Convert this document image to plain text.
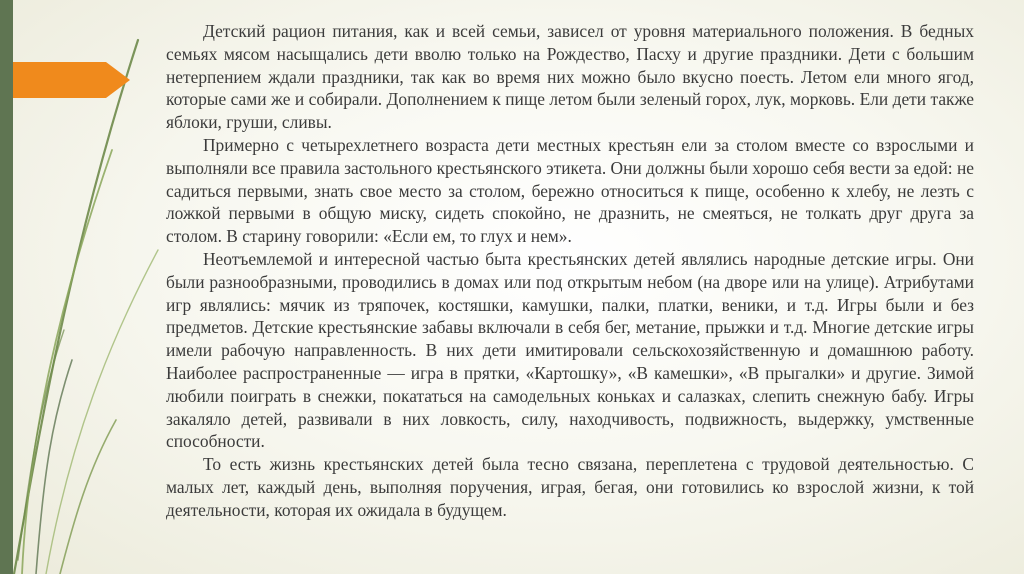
Детский рацион питания, как и всей семьи, зависел от уровня материального положения. В бедных семьях мясом насыщались дети вволю только на Рождество, Пасху и другие праздники. Дети с большим нетерпением ждали праздники, так как во время них можно было вкусно поесть. Летом ели много ягод, которые сами же и собирали. Дополнением к пище летом были зеленый горох, лук, морковь. Ели дети также яблоки, груши, сливы.

Примерно с четырехлетнего возраста дети местных крестьян ели за столом вместе со взрослыми и выполняли все правила застольного крестьянского этикета. Они должны были хорошо себя вести за едой: не садиться первыми, знать свое место за столом, бережно относиться к пище, особенно к хлебу, не лезть с ложкой первыми в общую миску, сидеть спокойно, не дразнить, не смеяться, не толкать друг друга за столом. В старину говорили: «Если ем, то глух и нем».

Неотъемлемой и интересной частью быта крестьянских детей являлись народные детские игры. Они были разнообразными, проводились в домах или под открытым небом (на дворе или на улице). Атрибутами игр являлись: мячик из тряпочек, костяшки, камушки, палки, платки, веники, и т.д. Игры были и без предметов. Детские крестьянские забавы включали в себя бег, метание, прыжки и т.д. Многие детские игры имели рабочую направленность. В них дети имитировали сельскохозяйственную и домашнюю работу. Наиболее распространенные — игра в прятки, «Картошку», «В камешки», «В прыгалки» и другие. Зимой любили поиграть в снежки, покататься на самодельных коньках и салазках, слепить снежную бабу. Игры закаляло детей, развивали в них ловкость, силу, находчивость, подвижность, выдержку, умственные способности.

То есть жизнь крестьянских детей была тесно связана, переплетена с трудовой деятельностью. С малых лет, каждый день, выполняя поручения, играя, бегая, они готовились ко взрослой жизни, к той деятельности, которая их ожидала в будущем.
